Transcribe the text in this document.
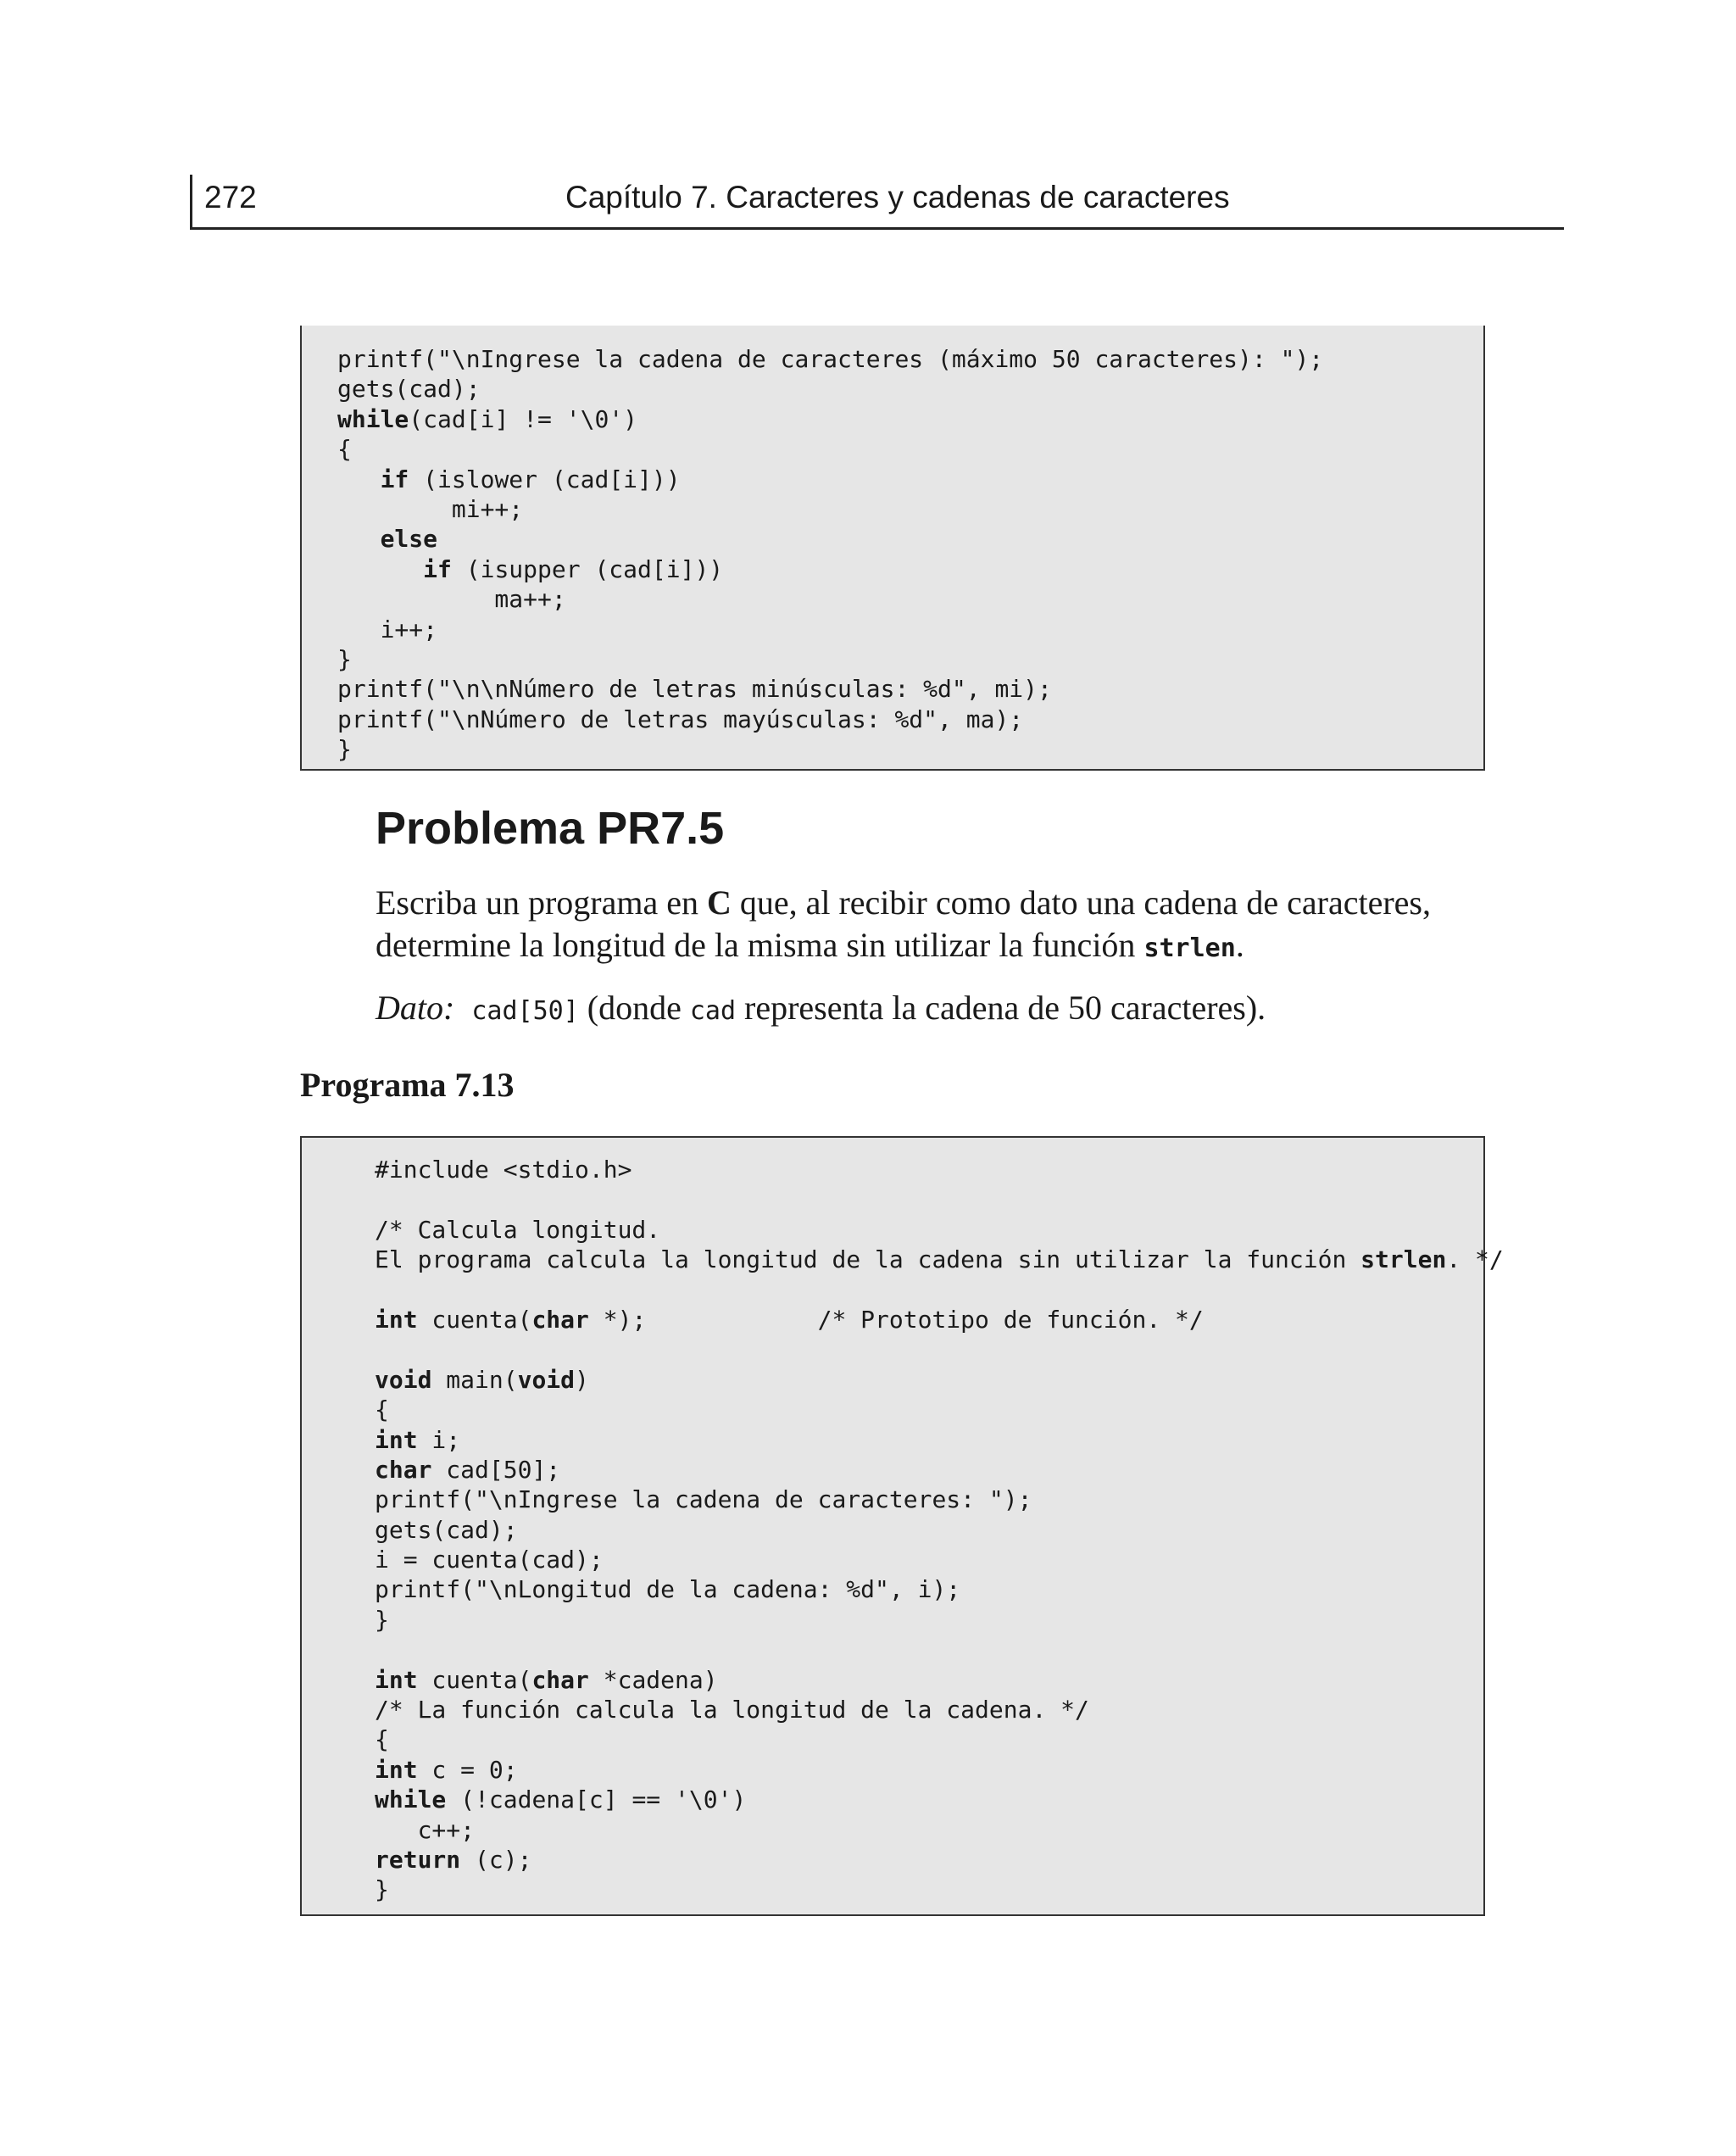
272	Capítulo 7. Caracteres y cadenas de caracteres
printf("\nIngrese la cadena de caracteres (máximo 50 caracteres): ");
gets(cad);
while(cad[i] != '\0')
{
if (islower (cad[i]))
mi++;
else
if (isupper (cad[i]))
ma++;
i++;
}
printf("\n\nNúmero de letras minúsculas: %d", mi);
printf("\nNúmero de letras mayúsculas: %d", ma);
}
Problema PR7.5
Escriba un programa en C que, al recibir como dato una cadena de caracteres, determine la longitud de la misma sin utilizar la función strlen.
Dato: cad[50] (donde cad representa la cadena de 50 caracteres).
Programa 7.13
#include <stdio.h>
/* Calcula longitud.
El programa calcula la longitud de la cadena sin utilizar la función strlen. */
int cuenta(char *);            /* Prototipo de función. */
void main(void)
{
int i;
char cad[50];
printf("\nIngrese la cadena de caracteres: ");
gets(cad);
i = cuenta(cad);
printf("\nLongitud de la cadena: %d", i);
}
int cuenta(char *cadena)
/* La función calcula la longitud de la cadena. */
{
int c = 0;
while (!cadena[c] == '\0')
c++;
return (c);
}
